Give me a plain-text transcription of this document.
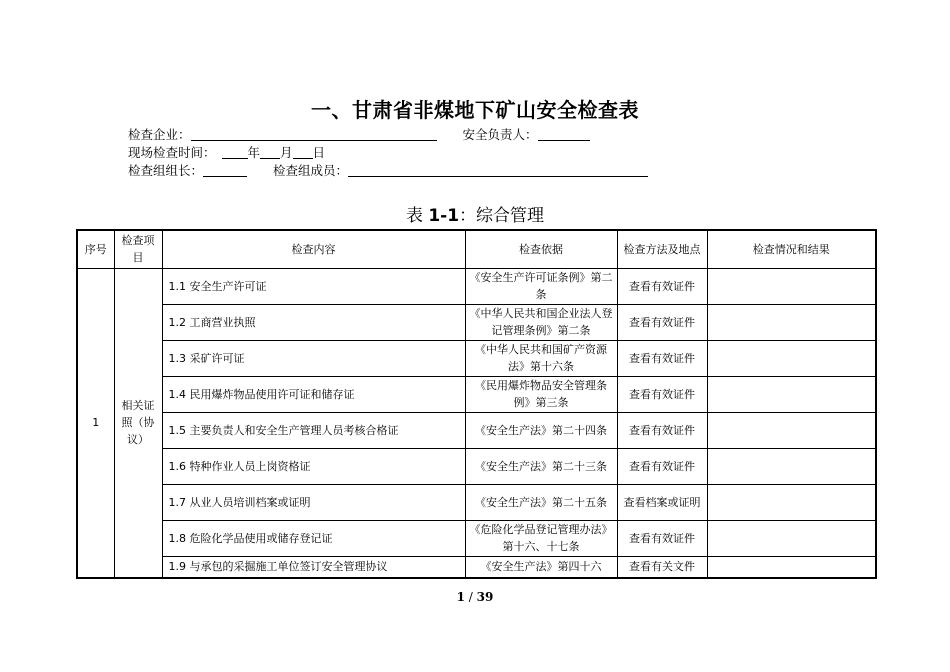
一、甘肃省非煤地下矿山安全检查表
检查企业：	安全负责人：
现场检查时间：	年 月 日
检查组组长：	检查组成员：
表 1-1：综合管理
序号	检查项目	检查内容	检查依据	检查方法及地点	检查情况和结果
1	相关证照（协议）	1.1 安全生产许可证	《安全生产许可证条例》第二条	查看有效证件	
		1.2 工商营业执照	《中华人民共和国企业法人登记管理条例》第二条	查看有效证件	
		1.3 采矿许可证	《中华人民共和国矿产资源法》第十六条	查看有效证件	
		1.4 民用爆炸物品使用许可证和储存证	《民用爆炸物品安全管理条例》第三条	查看有效证件	
		1.5 主要负责人和安全生产管理人员考核合格证	《安全生产法》第二十四条	查看有效证件	
		1.6 特种作业人员上岗资格证	《安全生产法》第二十三条	查看有效证件	
		1.7 从业人员培训档案或证明	《安全生产法》第二十五条	查看档案或证明	
		1.8 危险化学品使用或储存登记证	《危险化学品登记管理办法》第十六、十七条	查看有效证件	
		1.9 与承包的采掘施工单位签订安全管理协议	《安全生产法》第四十六	查看有关文件	
1 / 39
